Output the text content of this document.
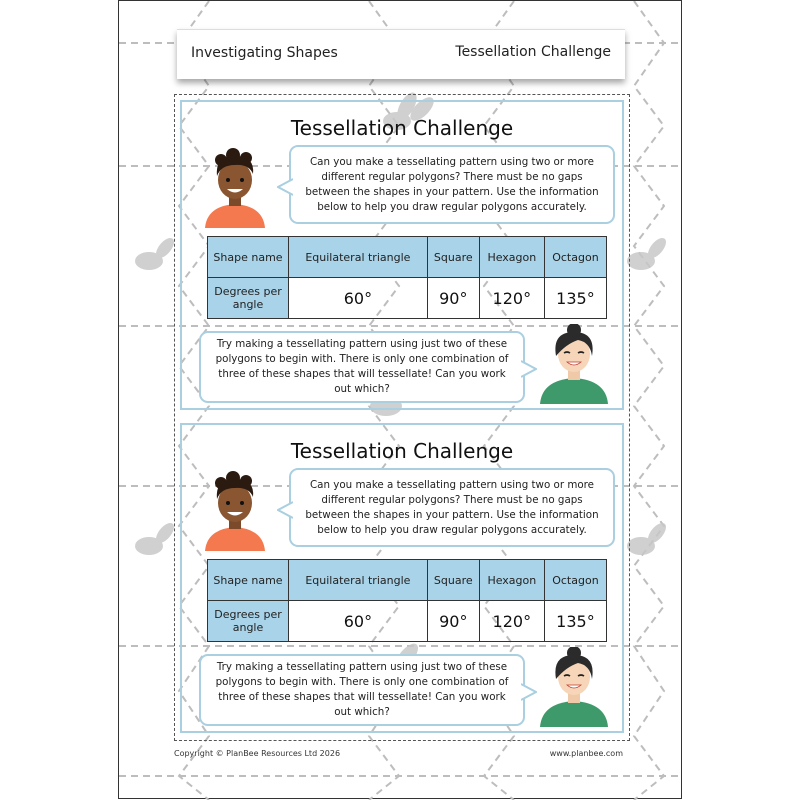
Investigating Shapes	Tessellation Challenge
Tessellation Challenge
Can you make a tessellating pattern using two or more different regular polygons? There must be no gaps between the shapes in your pattern. Use the information below to help you draw regular polygons accurately.
Shape name	Equilateral triangle	Square	Hexagon	Octagon
Degrees per angle	60°	90°	120°	135°
Try making a tessellating pattern using just two of these polygons to begin with. There is only one combination of three of these shapes that will tessellate! Can you work out which?
Tessellation Challenge
Can you make a tessellating pattern using two or more different regular polygons? There must be no gaps between the shapes in your pattern. Use the information below to help you draw regular polygons accurately.
Shape name	Equilateral triangle	Square	Hexagon	Octagon
Degrees per angle	60°	90°	120°	135°
Try making a tessellating pattern using just two of these polygons to begin with. There is only one combination of three of these shapes that will tessellate! Can you work out which?
Copyright © PlanBee Resources Ltd 2026	www.planbee.com
